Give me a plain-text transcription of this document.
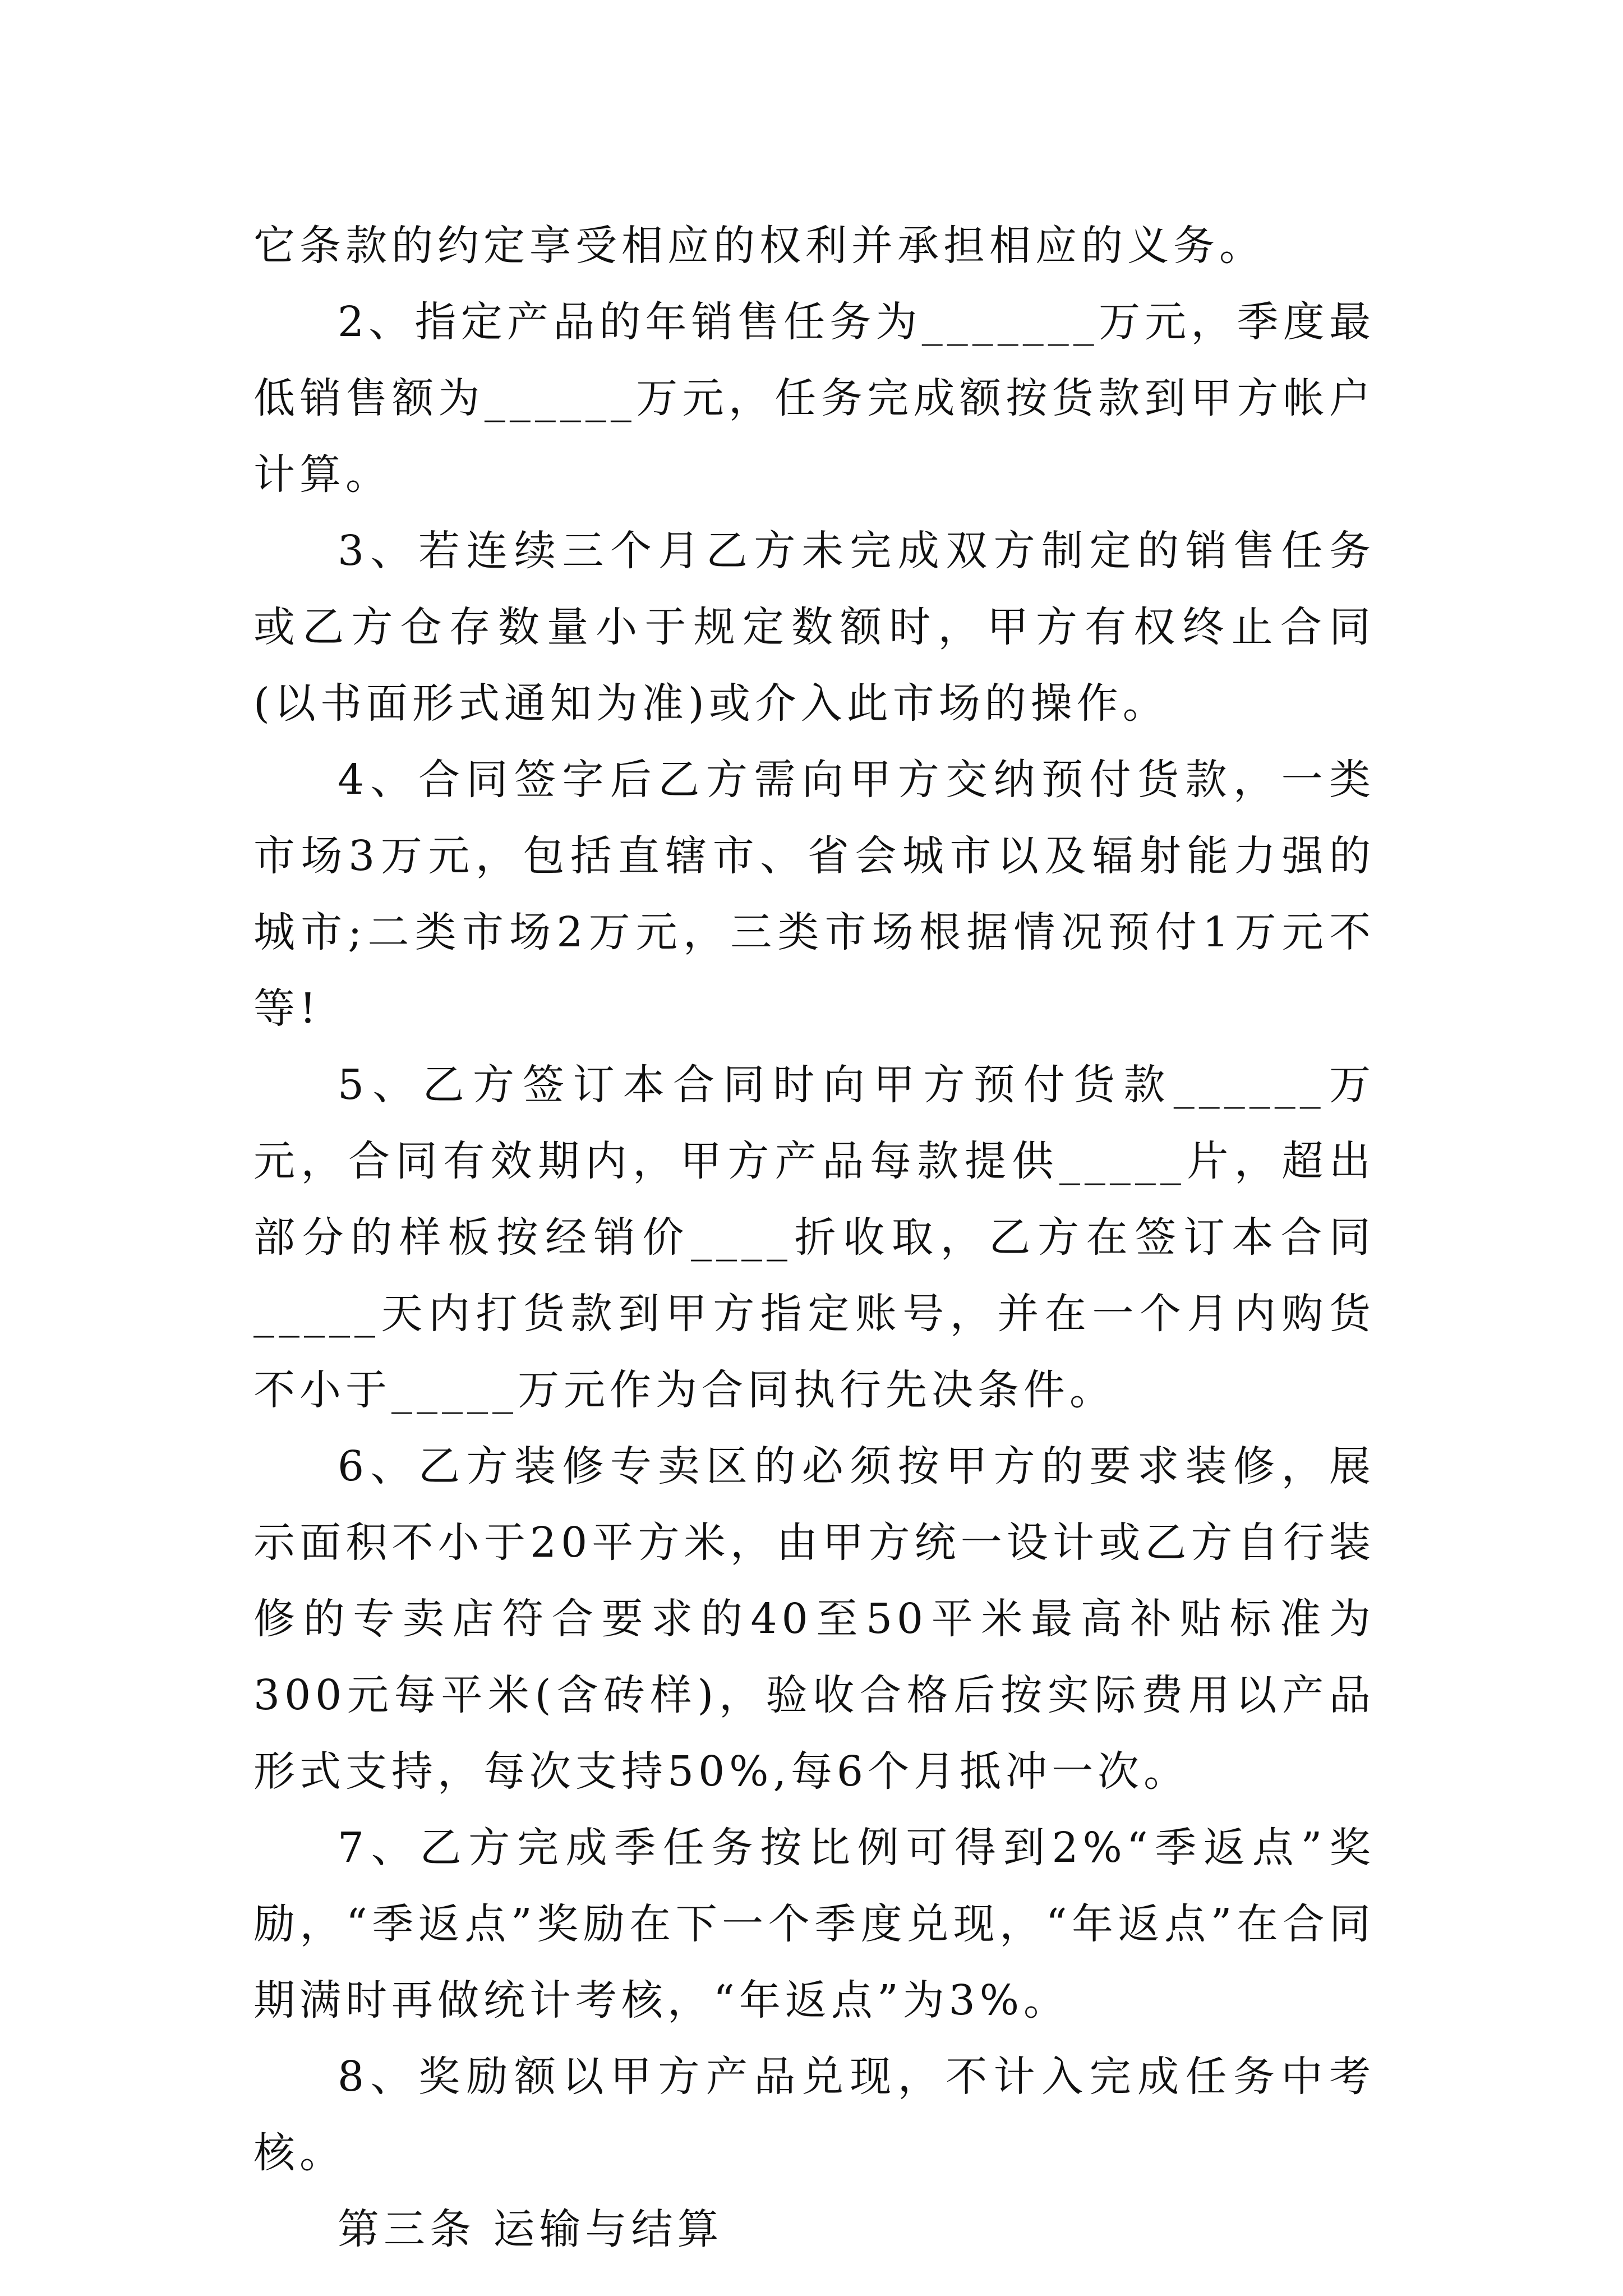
它条款的约定享受相应的权利并承担相应的义务。

2、指定产品的年销售任务为_______万元，季度最低销售额为______万元，任务完成额按货款到甲方帐户计算。

3、若连续三个月乙方未完成双方制定的销售任务或乙方仓存数量小于规定数额时，甲方有权终止合同(以书面形式通知为准)或介入此市场的操作。

4、合同签字后乙方需向甲方交纳预付货款，一类市场3万元，包括直辖市、省会城市以及辐射能力强的城市;二类市场2万元，三类市场根据情况预付1万元不等!

5、乙方签订本合同时向甲方预付货款______万元，合同有效期内，甲方产品每款提供_____片，超出部分的样板按经销价____折收取，乙方在签订本合同_____天内打货款到甲方指定账号，并在一个月内购货不小于_____万元作为合同执行先决条件。

6、乙方装修专卖区的必须按甲方的要求装修，展示面积不小于20平方米，由甲方统一设计或乙方自行装修的专卖店符合要求的40至50平米最高补贴标准为300元每平米(含砖样)，验收合格后按实际费用以产品形式支持，每次支持50%,每6个月抵冲一次。

7、乙方完成季任务按比例可得到2%“季返点”奖励，“季返点”奖励在下一个季度兑现，“年返点”在合同期满时再做统计考核，“年返点”为3%。

8、奖励额以甲方产品兑现，不计入完成任务中考核。

第三条 运输与结算
